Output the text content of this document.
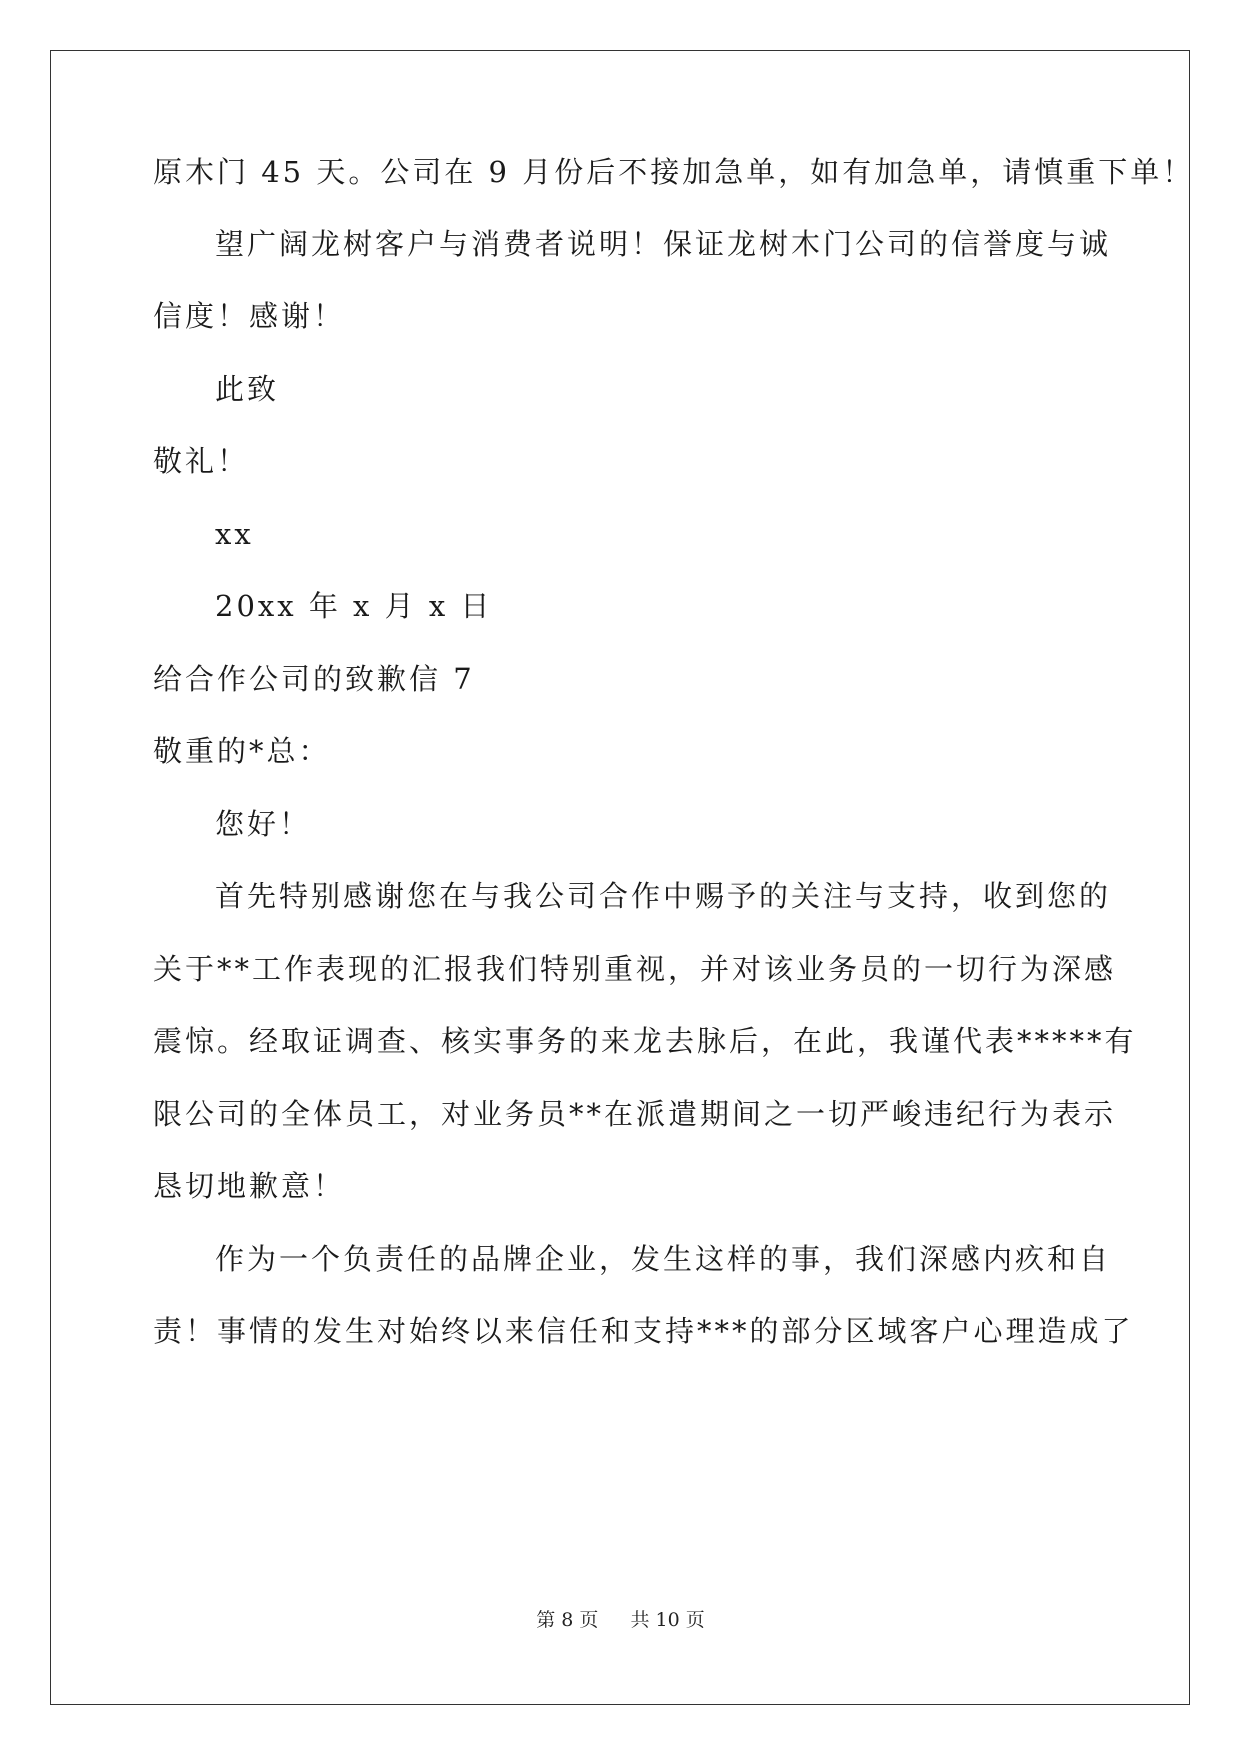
原木门 45 天。公司在 9 月份后不接加急单，如有加急单，请慎重下单！
望广阔龙树客户与消费者说明！保证龙树木门公司的信誉度与诚
信度！感谢！
此致
敬礼！
xx
20xx 年 x 月 x 日
给合作公司的致歉信 7
敬重的*总：
您好！
首先特别感谢您在与我公司合作中赐予的关注与支持，收到您的
关于**工作表现的汇报我们特别重视，并对该业务员的一切行为深感
震惊。经取证调查、核实事务的来龙去脉后，在此，我谨代表*****有
限公司的全体员工，对业务员**在派遣期间之一切严峻违纪行为表示
恳切地歉意！
作为一个负责任的品牌企业，发生这样的事，我们深感内疚和自
责！事情的发生对始终以来信任和支持***的部分区域客户心理造成了
第 8 页 共 10 页
